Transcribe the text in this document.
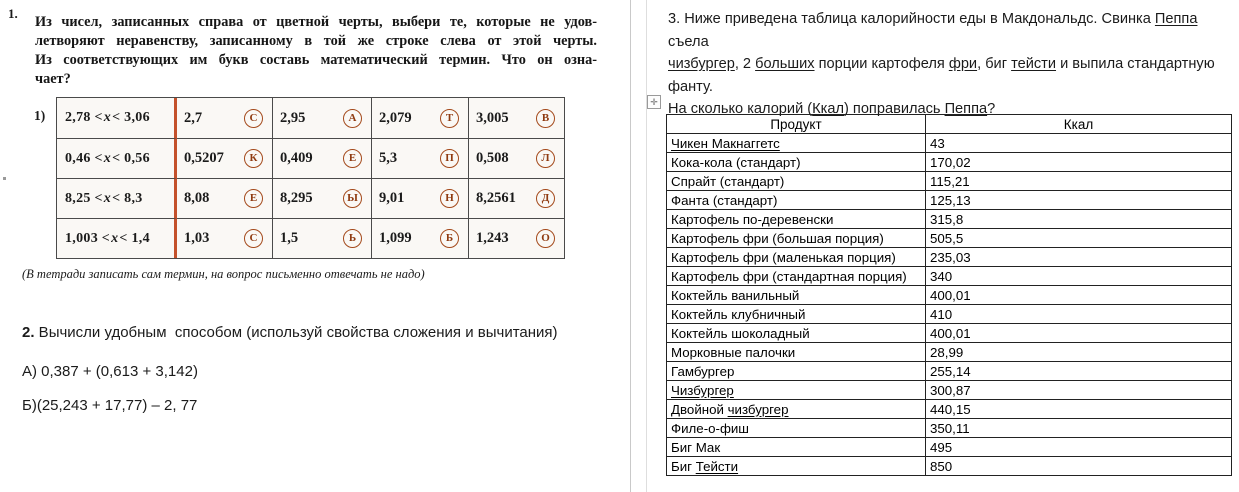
1.
Из чисел, записанных справа от цветной черты, выбери те, которые не удов-
летворяют неравенству, записанному в той же строке слева от этой черты.
Из соответствующих им букв составь математический термин. Что он озна-
чает?
1)	2,78 < x < 3,06	2,7	С	2,95	А	2,079	Т	3,005	В
0,46 < x < 0,56	0,5207	К	0,409	Е	5,3	П	0,508	Л
8,25 < x < 8,3	8,08	Е	8,295	Ы 9,01	Н	8,2561	Д
1,003 < x < 1,4	1,03	С	1,5	Ь	1,099	Б	1,243	О
(В тетради записать сам термин, на вопрос письменно отвечать не надо)
2. Вычисли удобным  способом (используй свойства сложения и вычитания)
А) 0,387 + (0,613 + 3,142)
Б)(25,243 + 17,77) – 2, 77
3. Ниже приведена таблица калорийности еды в Макдональдс. Свинка Пеппа съела
чизбургер, 2 больших порции картофеля фри, биг тейсти и выпила стандартную фанту.
На сколько калорий (Ккал) поправилась Пеппа?
✛
Продукт	Ккал
Чикен Макнаггетс	43
Кока-кола (стандарт)	170,02
Спрайт (стандарт)	115,21
Фанта (стандарт)	125,13
Картофель по-деревенски	315,8
Картофель фри (большая порция)	505,5
Картофель фри (маленькая порция)	235,03
Картофель фри (стандартная порция)	340
Коктейль ванильный	400,01
Коктейль клубничный	410
Коктейль шоколадный	400,01
Морковные палочки	28,99
Гамбургер	255,14
Чизбургер	300,87
Двойной чизбургер	440,15
Филе-о-фиш	350,11
Биг Мак	495
Биг Тейсти	850
